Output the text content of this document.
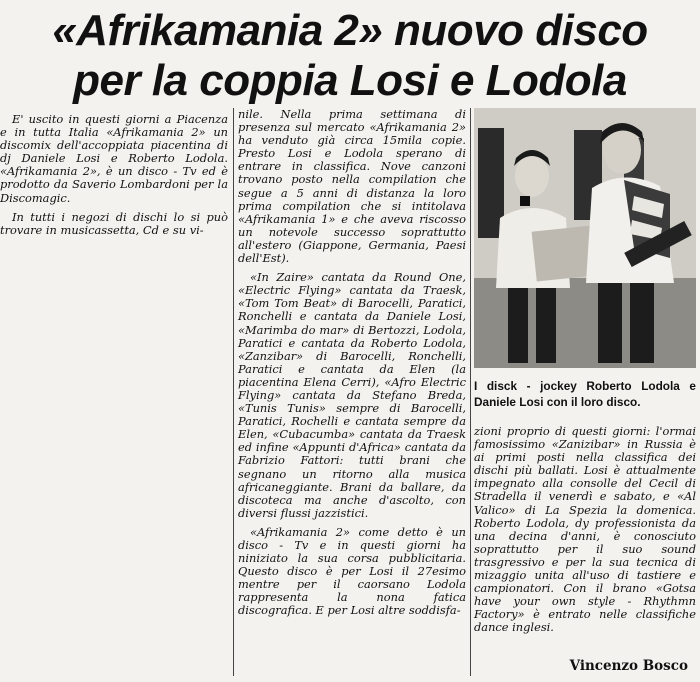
«Afrikamania 2» nuovo disco
per la coppia Losi e Lodola

E' uscito in questi giorni a Piacenza e in tutta Italia «Afrikamania 2» un discomix dell'accoppiata piacentina di dj Daniele Losi e Roberto Lodola. «Afrikamania 2», è un disco - Tv ed è prodotto da Saverio Lombardoni per la Discomagic.

In tutti i negozi di dischi lo si può trovare in musicassetta, Cd e su vi-

nile. Nella prima settimana di presenza sul mercato «Afrikamania 2» ha venduto già circa 15mila copie. Presto Losi e Lodola sperano di entrare in classifica. Nove canzoni trovano posto nella compilation che segue a 5 anni di distanza la loro prima compilation che si intitolava «Afrikamania 1» e che aveva riscosso un notevole successo soprattutto all'estero (Giappone, Germania, Paesi dell'Est).

«In Zaire» cantata da Round One, «Electric Flying» cantata da Traesk, «Tom Tom Beat» di Barocelli, Paratici, Ronchelli e cantata da Daniele Losi, «Marimba do mar» di Bertozzi, Lodola, Paratici e cantata da Roberto Lodola, «Zanzibar» di Barocelli, Ronchelli, Paratici e cantata da Elen (la piacentina Elena Cerri), «Afro Electric Flying» cantata da Stefano Breda, «Tunis Tunis» sempre di Barocelli, Paratici, Rochelli e cantata sempre da Elen, «Cubacumba» cantata da Traesk ed infine «Appunti d'Africa» cantata da Fabrizio Fattori: tutti brani che segnano un ritorno alla musica africaneggiante. Brani da ballare, da discoteca ma anche d'ascolto, con diversi flussi jazzistici.

«Afrikamania 2» come detto è un disco - Tv e in questi giorni ha niniziato la sua corsa pubblicitaria. Questo disco è per Losi il 27esimo mentre per il caorsano Lodola rappresenta la nona fatica discografica. E per Losi altre soddisfa-

I disck - jockey Roberto Lodola e Daniele Losi con il loro disco.

zioni proprio di questi giorni: l'ormai famosissimo «Zanizibar» in Russia è ai primi posti nella classifica dei dischi più ballati. Losi è attualmente impegnato alla consolle del Cecil di Stradella il venerdì e sabato, e «Al Valico» di La Spezia la domenica. Roberto Lodola, dy professionista da una decina d'anni, è conosciuto soprattutto per il suo sound trasgressivo e per la sua tecnica di mizaggio unita all'uso di tastiere e campionatori. Con il brano «Gotsa have your own style - Rhythmn Factory» è entrato nelle classifiche dance inglesi.

Vincenzo Bosco
